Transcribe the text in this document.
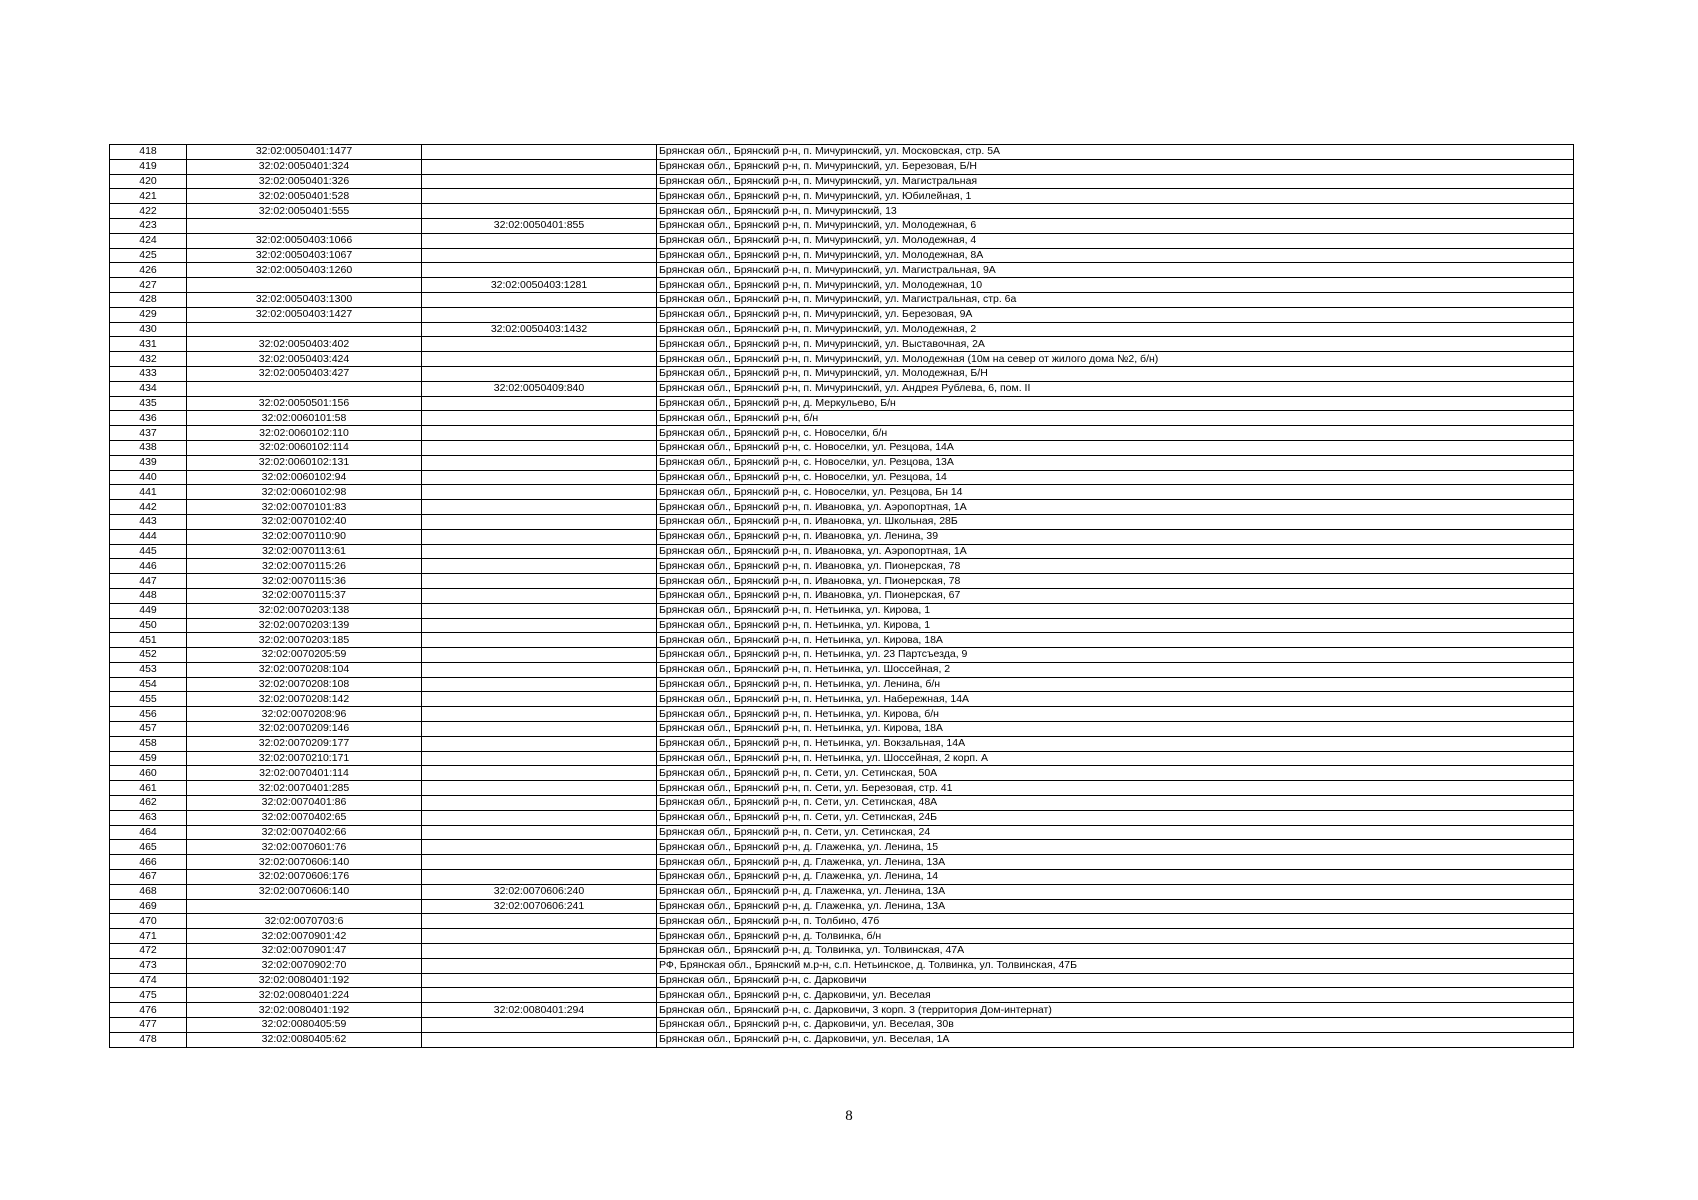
418	32:02:0050401:1477		Брянская обл., Брянский р-н, п. Мичуринский, ул. Московская, стр. 5А
419	32:02:0050401:324		Брянская обл., Брянский р-н, п. Мичуринский, ул. Березовая, Б/Н
420	32:02:0050401:326		Брянская обл., Брянский р-н, п. Мичуринский, ул. Магистральная
421	32:02:0050401:528		Брянская обл., Брянский р-н, п. Мичуринский, ул. Юбилейная, 1
422	32:02:0050401:555		Брянская обл., Брянский р-н, п. Мичуринский, 13
423		32:02:0050401:855	Брянская обл., Брянский р-н, п. Мичуринский, ул. Молодежная, 6
424	32:02:0050403:1066		Брянская обл., Брянский р-н, п. Мичуринский, ул. Молодежная, 4
425	32:02:0050403:1067		Брянская обл., Брянский р-н, п. Мичуринский, ул. Молодежная, 8А
426	32:02:0050403:1260		Брянская обл., Брянский р-н, п. Мичуринский, ул. Магистральная, 9А
427		32:02:0050403:1281	Брянская обл., Брянский р-н, п. Мичуринский, ул. Молодежная, 10
428	32:02:0050403:1300		Брянская обл., Брянский р-н, п. Мичуринский, ул. Магистральная, стр. 6а
429	32:02:0050403:1427		Брянская обл., Брянский р-н, п. Мичуринский, ул. Березовая, 9А
430		32:02:0050403:1432	Брянская обл., Брянский р-н, п. Мичуринский, ул. Молодежная, 2
431	32:02:0050403:402		Брянская обл., Брянский р-н, п. Мичуринский, ул. Выставочная, 2А
432	32:02:0050403:424		Брянская обл., Брянский р-н, п. Мичуринский, ул. Молодежная (10м на север от жилого дома №2, б/н)
433	32:02:0050403:427		Брянская обл., Брянский р-н, п. Мичуринский, ул. Молодежная, Б/Н
434		32:02:0050409:840	Брянская обл., Брянский р-н, п. Мичуринский, ул. Андрея Рублева, 6, пом. II
435	32:02:0050501:156		Брянская обл., Брянский р-н, д. Меркульево, Б/н
436	32:02:0060101:58		Брянская обл., Брянский р-н, б/н
437	32:02:0060102:110		Брянская обл., Брянский р-н, с. Новоселки, б/н
438	32:02:0060102:114		Брянская обл., Брянский р-н, с. Новоселки, ул. Резцова, 14А
439	32:02:0060102:131		Брянская обл., Брянский р-н, с. Новоселки, ул. Резцова, 13А
440	32:02:0060102:94		Брянская обл., Брянский р-н, с. Новоселки, ул. Резцова, 14
441	32:02:0060102:98		Брянская обл., Брянский р-н, с. Новоселки, ул. Резцова, Бн 14
442	32:02:0070101:83		Брянская обл., Брянский р-н, п. Ивановка, ул. Аэропортная, 1А
443	32:02:0070102:40		Брянская обл., Брянский р-н, п. Ивановка, ул. Школьная, 28Б
444	32:02:0070110:90		Брянская обл., Брянский р-н, п. Ивановка, ул. Ленина, 39
445	32:02:0070113:61		Брянская обл., Брянский р-н, п. Ивановка, ул. Аэропортная, 1А
446	32:02:0070115:26		Брянская обл., Брянский р-н, п. Ивановка, ул. Пионерская, 78
447	32:02:0070115:36		Брянская обл., Брянский р-н, п. Ивановка, ул. Пионерская, 78
448	32:02:0070115:37		Брянская обл., Брянский р-н, п. Ивановка, ул. Пионерская, 67
449	32:02:0070203:138		Брянская обл., Брянский р-н, п. Нетьинка, ул. Кирова, 1
450	32:02:0070203:139		Брянская обл., Брянский р-н, п. Нетьинка, ул. Кирова, 1
451	32:02:0070203:185		Брянская обл., Брянский р-н, п. Нетьинка, ул. Кирова, 18А
452	32:02:0070205:59		Брянская обл., Брянский р-н, п. Нетьинка, ул. 23 Партсъезда, 9
453	32:02:0070208:104		Брянская обл., Брянский р-н, п. Нетьинка, ул. Шоссейная, 2
454	32:02:0070208:108		Брянская обл., Брянский р-н, п. Нетьинка, ул. Ленина, б/н
455	32:02:0070208:142		Брянская обл., Брянский р-н, п. Нетьинка, ул. Набережная, 14А
456	32:02:0070208:96		Брянская обл., Брянский р-н, п. Нетьинка, ул. Кирова, б/н
457	32:02:0070209:146		Брянская обл., Брянский р-н, п. Нетьинка, ул. Кирова, 18А
458	32:02:0070209:177		Брянская обл., Брянский р-н, п. Нетьинка, ул. Вокзальная, 14А
459	32:02:0070210:171		Брянская обл., Брянский р-н, п. Нетьинка, ул. Шоссейная, 2 корп. А
460	32:02:0070401:114		Брянская обл., Брянский р-н, п. Сети, ул. Сетинская, 50А
461	32:02:0070401:285		Брянская обл., Брянский р-н, п. Сети, ул. Березовая, стр. 41
462	32:02:0070401:86		Брянская обл., Брянский р-н, п. Сети, ул. Сетинская, 48А
463	32:02:0070402:65		Брянская обл., Брянский р-н, п. Сети, ул. Сетинская, 24Б
464	32:02:0070402:66		Брянская обл., Брянский р-н, п. Сети, ул. Сетинская, 24
465	32:02:0070601:76		Брянская обл., Брянский р-н, д. Глаженка, ул. Ленина, 15
466	32:02:0070606:140		Брянская обл., Брянский р-н, д. Глаженка, ул. Ленина, 13А
467	32:02:0070606:176		Брянская обл., Брянский р-н, д. Глаженка, ул. Ленина, 14
468	32:02:0070606:140	32:02:0070606:240	Брянская обл., Брянский р-н, д. Глаженка, ул. Ленина, 13А
469		32:02:0070606:241	Брянская обл., Брянский р-н, д. Глаженка, ул. Ленина, 13А
470	32:02:0070703:6		Брянская обл., Брянский р-н, п. Толбино, 47б
471	32:02:0070901:42		Брянская обл., Брянский р-н, д. Толвинка, б/н
472	32:02:0070901:47		Брянская обл., Брянский р-н, д. Толвинка, ул. Толвинская, 47А
473	32:02:0070902:70		РФ, Брянская обл., Брянский м.р-н, с.п. Нетьинское, д. Толвинка, ул. Толвинская, 47Б
474	32:02:0080401:192		Брянская обл., Брянский р-н, с. Дарковичи
475	32:02:0080401:224		Брянская обл., Брянский р-н, с. Дарковичи, ул. Веселая
476	32:02:0080401:192	32:02:0080401:294	Брянская обл., Брянский р-н, с. Дарковичи, 3 корп. 3 (территория Дом-интернат)
477	32:02:0080405:59		Брянская обл., Брянский р-н, с. Дарковичи, ул. Веселая, 30в
478	32:02:0080405:62		Брянская обл., Брянский р-н, с. Дарковичи, ул. Веселая, 1А
8
